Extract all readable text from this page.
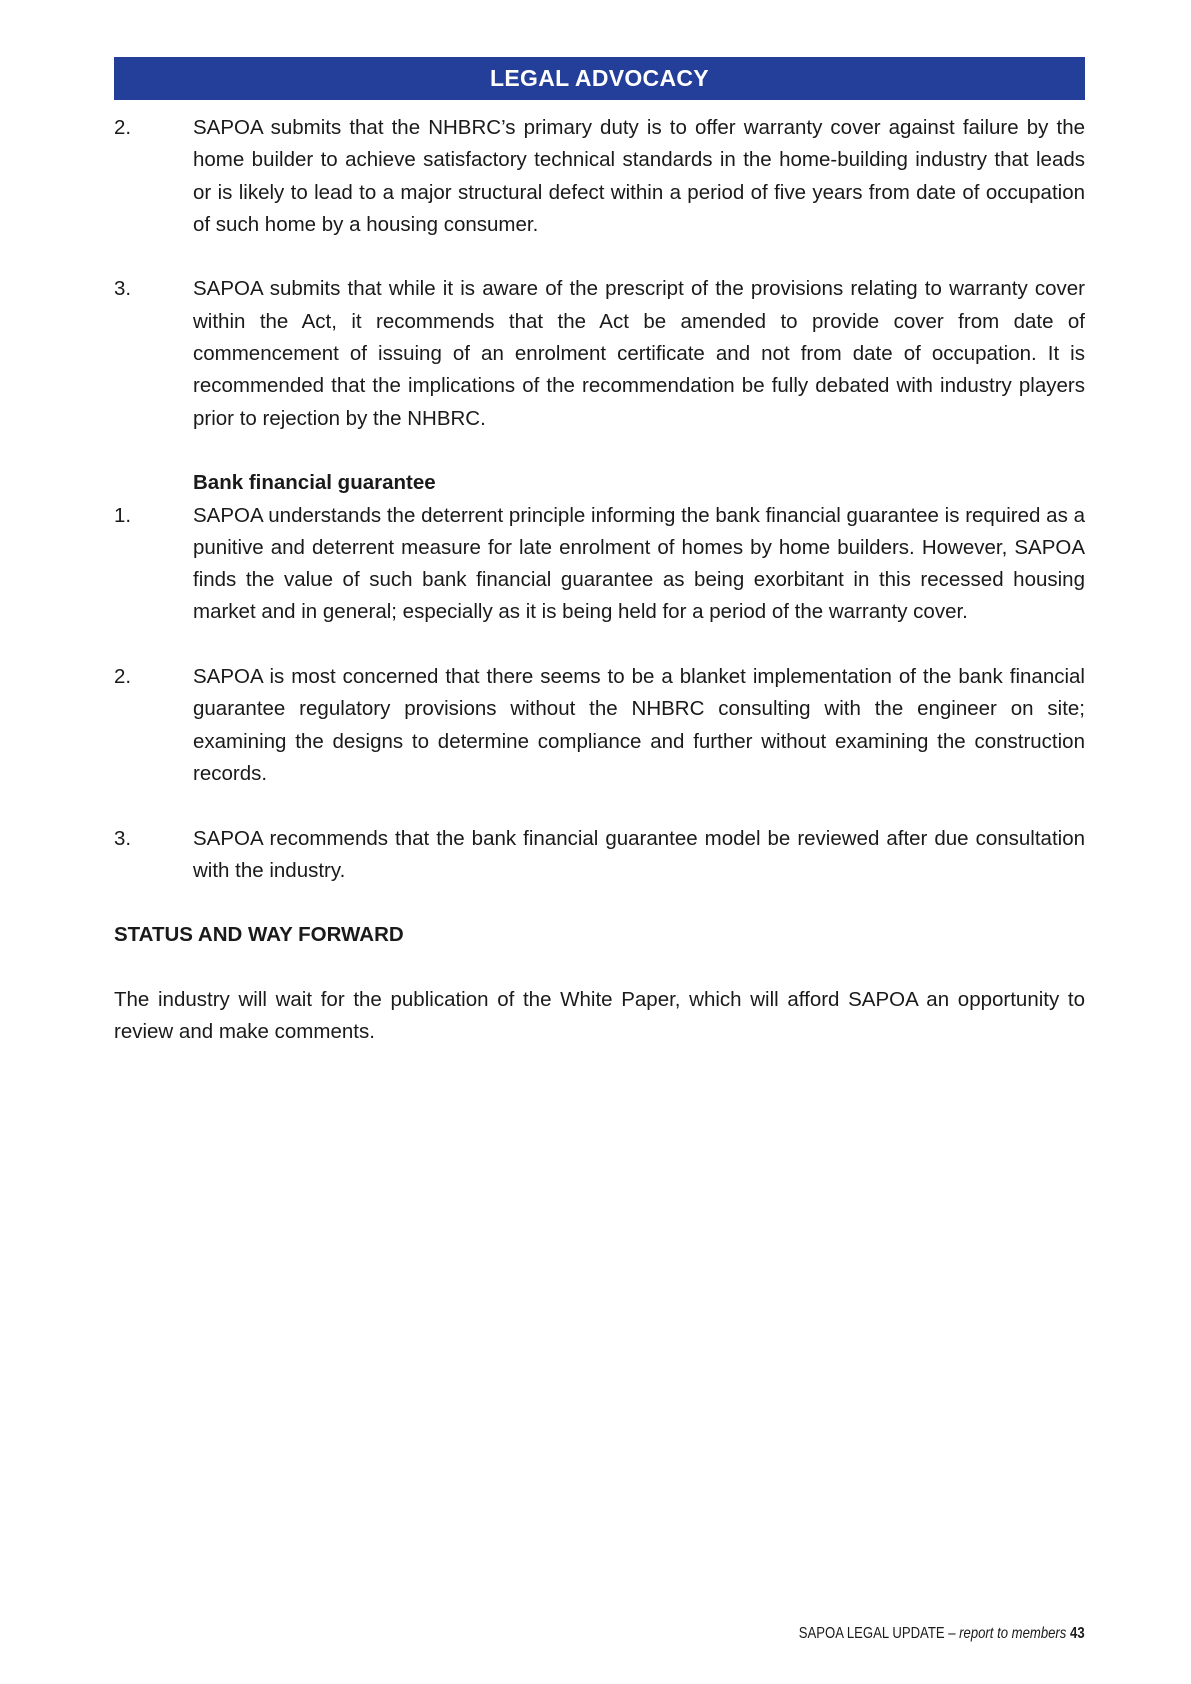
LEGAL ADVOCACY
2.	SAPOA submits that the NHBRC’s primary duty is to offer warranty cover against failure by the home builder to achieve satisfactory technical standards in the home-building industry that leads or is likely to lead to a major structural defect within a period of five years from date of occupation of such home by a housing consumer.
3.	SAPOA submits that while it is aware of the prescript of the provisions relating to warranty cover within the Act, it recommends that the Act be amended to provide cover from date of commencement of issuing of an enrolment certificate and not from date of occupation. It is recommended that the implications of the recommendation be fully debated with industry players prior to rejection by the NHBRC.
Bank financial guarantee
1.	SAPOA understands the deterrent principle informing the bank financial guarantee is required as a punitive and deterrent measure for late enrolment of homes by home builders. However, SAPOA finds the value of such bank financial guarantee as being exorbitant in this recessed housing market and in general; especially as it is being held for a period of the warranty cover.
2.	SAPOA is most concerned that there seems to be a blanket implementation of the bank financial guarantee regulatory provisions without the NHBRC consulting with the engineer on site; examining the designs to determine compliance and further without examining the construction records.
3.	SAPOA recommends that the bank financial guarantee model be reviewed after due consultation with the industry.
STATUS AND WAY FORWARD
The industry will wait for the publication of the White Paper, which will afford SAPOA an opportunity to review and make comments.
SAPOA LEGAL UPDATE – report to members 43
